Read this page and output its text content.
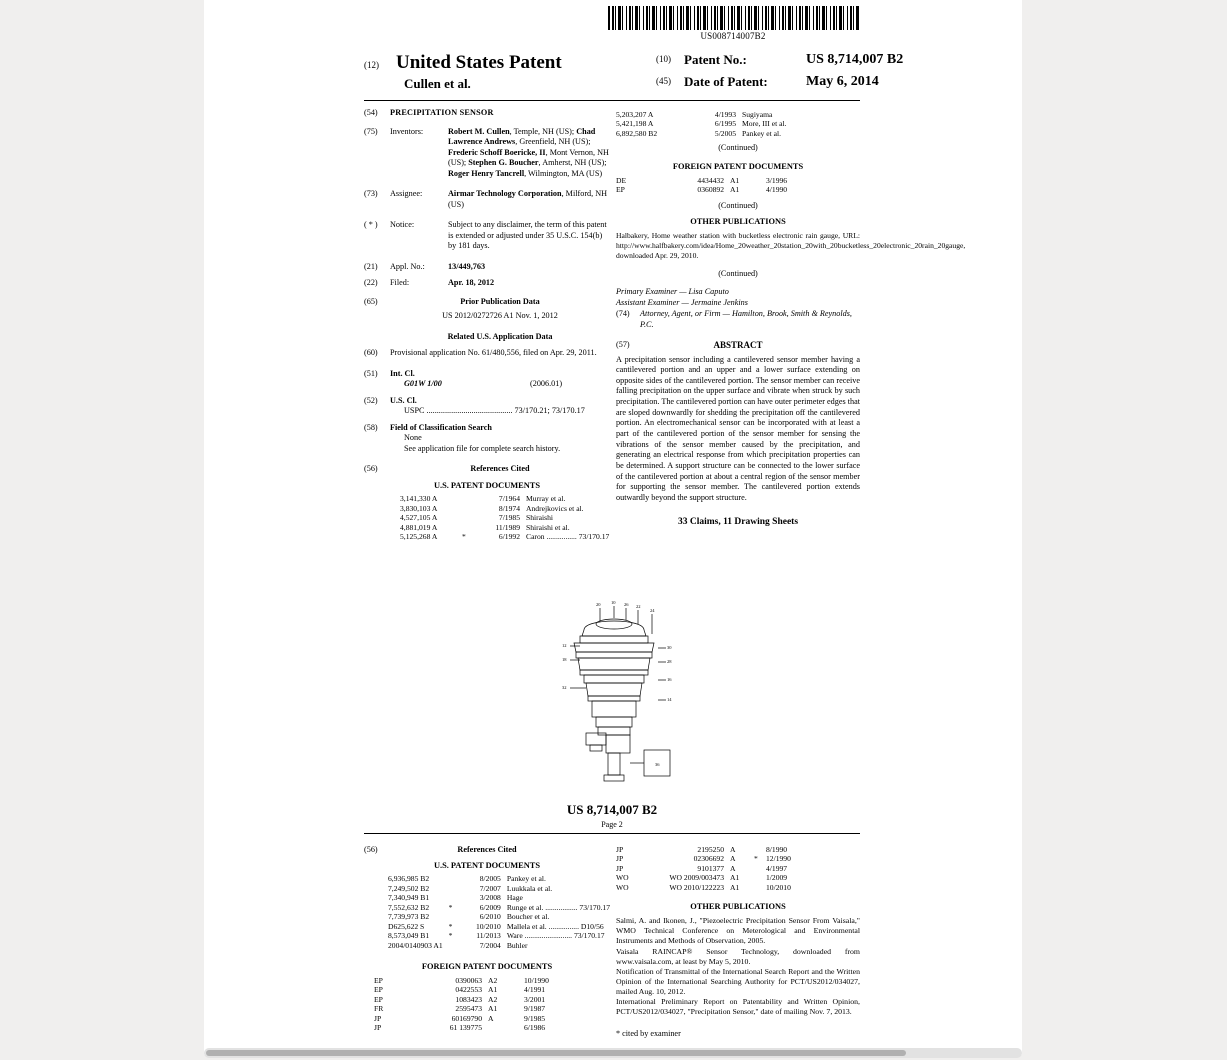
US008714007B2
(12) United States Patent
Cullen et al.
(10) Patent No.:	US 8,714,007 B2
(45) Date of Patent:	May 6, 2014
(54)	PRECIPITATION SENSOR
(75)	Inventors:	Robert M. Cullen, Temple, NH (US); Chad Lawrence Andrews, Greenfield, NH (US); Frederic Schoff Boericke, II, Mont Vernon, NH (US); Stephen G. Boucher, Amherst, NH (US); Roger Henry Tancrell, Wilmington, MA (US)
(73)	Assignee:	Airmar Technology Corporation, Milford, NH (US)
( * )	Notice:	Subject to any disclaimer, the term of this patent is extended or adjusted under 35 U.S.C. 154(b) by 181 days.
(21)	Appl. No.:	13/449,763
(22)	Filed:	Apr. 18, 2012
(65)	Prior Publication Data
US 2012/0272726 A1 Nov. 1, 2012
Related U.S. Application Data
(60)	Provisional application No. 61/480,556, filed on Apr. 29, 2011.
(51)	Int. Cl.
G01W 1/00	(2006.01)
(52)	U.S. Cl.
USPC .......................................... 73/170.21; 73/170.17
(58)	Field of Classification Search
None
See application file for complete search history.
(56)	References Cited
U.S. PATENT DOCUMENTS
3,141,330 A		7/1964	Murray et al.
3,830,103 A		8/1974	Andrejkovics et al.
4,527,105 A		7/1985	Shiraishi
4,881,019 A		11/1989	Shiraishi et al.
5,125,268 A	*	6/1992	Caron ................ 73/170.17
5,203,207 A		4/1993	Sugiyama
5,421,198 A		6/1995	More, III et al.
6,892,580 B2		5/2005	Pankey et al.
(Continued)
FOREIGN PATENT DOCUMENTS
DE	4434432	A1		3/1996
EP	0360892	A1		4/1990
(Continued)
OTHER PUBLICATIONS
Halbakery, Home weather station with bucketless electronic rain gauge, URL: http://www.halfbakery.com/idea/Home_20weather_20station_20with_20bucketless_20electronic_20rain_20gauge, downloaded Apr. 29, 2010.
(Continued)
Primary Examiner — Lisa Caputo
Assistant Examiner — Jermaine Jenkins
(74) Attorney, Agent, or Firm — Hamilton, Brook, Smith & Reynolds, P.C.
(57)	ABSTRACT
A precipitation sensor including a cantilevered sensor member having a cantilevered portion and an upper and a lower surface extending on opposite sides of the cantilevered portion. The sensor member can receive falling precipitation on the upper surface and vibrate when struck by such precipitation. The cantilevered portion can have outer perimeter edges that are sloped downwardly for shedding the precipitation off the cantilevered portion. An electromechanical sensor can be incorporated with at least a part of the cantilevered portion of the sensor member for sensing the vibrations of the sensor member caused by the precipitation, and generating an electrical response from which precipitation properties can be determined. A support structure can be connected to the lower surface of the cantilevered portion at about a central region of the sensor member for supporting the sensor member. The cantilevered portion extends outwardly beyond the support structure.
33 Claims, 11 Drawing Sheets
10
20	26 22
24
30
28
16
14
12
18
32
36
US 8,714,007 B2
Page 2
(56)	References Cited
U.S. PATENT DOCUMENTS
6,936,985 B2		8/2005	Pankey et al.
7,249,502 B2		7/2007	Luukkala et al.
7,340,949 B1		3/2008	Hage
7,552,632 B2	*	6/2009	Runge et al. ................. 73/170.17
7,739,973 B2		6/2010	Boucher et al.
D625,622 S	*	10/2010	Mallela et al. ................ D10/56
8,573,049 B1	*	11/2013	Ware ......................... 73/170.17
2004/0140903 A1		7/2004	Buhler
FOREIGN PATENT DOCUMENTS
EP	0390063	A2		10/1990
EP	0422553	A1		4/1991
EP	1083423	A2		3/2001
FR	2595473	A1		9/1987
JP	60169790	A		9/1985
JP	61 139775			6/1986
JP	2195250	A		8/1990
JP	02306692	A	*	12/1990
JP	9101377	A		4/1997
WO	WO 2009/003473	A1		1/2009
WO	WO 2010/122223	A1		10/2010
OTHER PUBLICATIONS
Salmi, A. and Ikonen, J., "Piezoelectric Precipitation Sensor From Vaisala," WMO Technical Conference on Meterological and Environmental Instruments and Methods of Observation, 2005.
Vaisala RAINCAP® Sensor Technology, downloaded from www.vaisala.com, at least by May 5, 2010.
Notification of Transmittal of the International Search Report and the Written Opinion of the International Searching Authority for PCT/US2012/034027, mailed Aug. 10, 2012.
International Preliminary Report on Patentability and Written Opinion, PCT/US2012/034027, "Precipitation Sensor," date of mailing Nov. 7, 2013.
* cited by examiner
